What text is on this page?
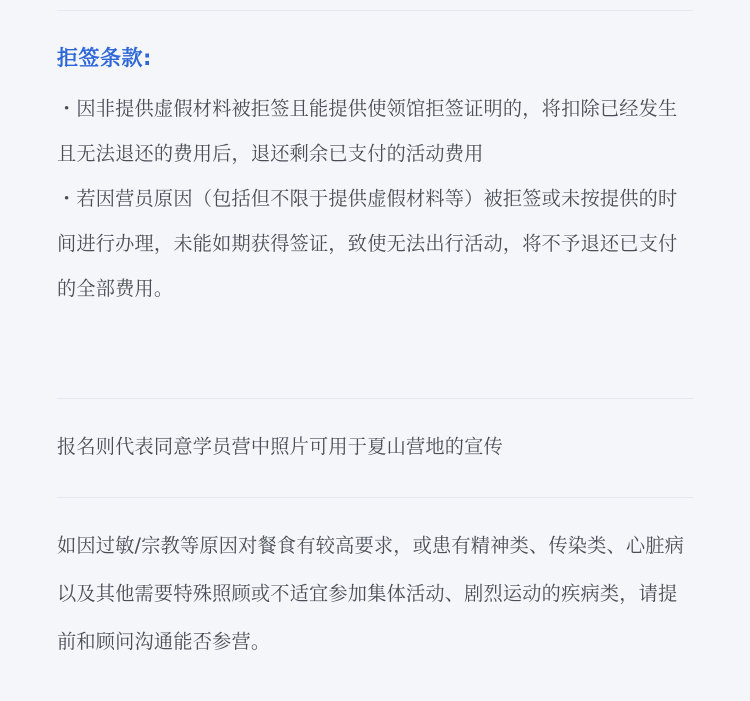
拒签条款:

・因非提供虚假材料被拒签且能提供使领馆拒签证明的，将扣除已经发生且无法退还的费用后，退还剩余已支付的活动费用

・若因营员原因（包括但不限于提供虚假材料等）被拒签或未按提供的时间进行办理，未能如期获得签证，致使无法出行活动，将不予退还已支付的全部费用。

报名则代表同意学员营中照片可用于夏山营地的宣传
如因过敏/宗教等原因对餐食有较高要求，或患有精神类、传染类、心脏病以及其他需要特殊照顾或不适宜参加集体活动、剧烈运动的疾病类，请提前和顾问沟通能否参营。
